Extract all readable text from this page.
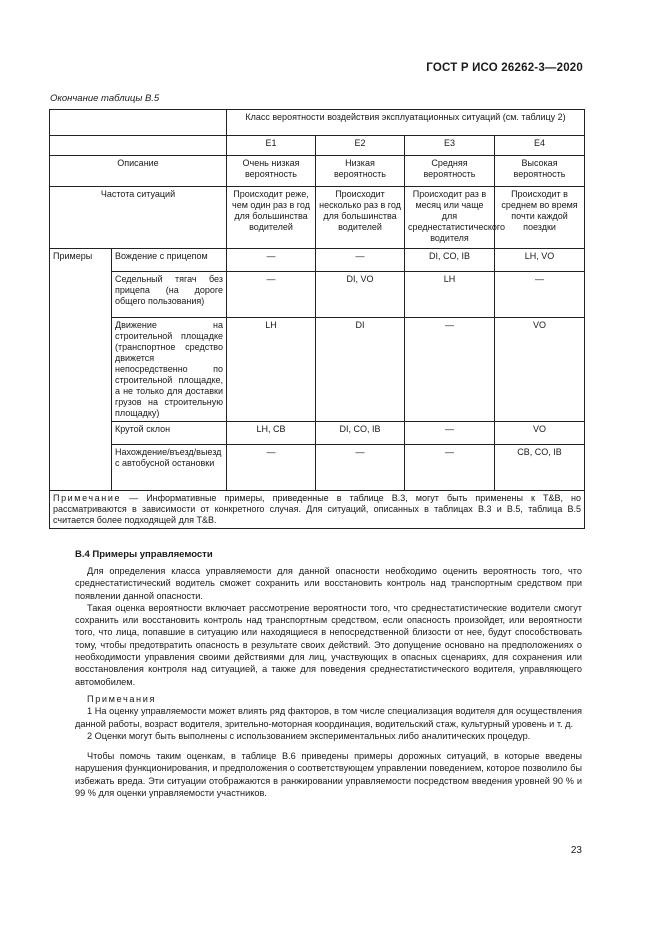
ГОСТ Р ИСО 26262-3—2020
Окончание таблицы В.5
		Класс вероятности воздействия эксплуатационных ситуаций (см. таблицу 2)			
		Е1	Е2	Е3	Е4
Описание		Очень низкая вероятность	Низкая вероятность	Средняя вероятность	Высокая вероятность
Частота ситуаций		Происходит реже, чем один раз в год для большинства водителей	Происходит несколько раз в год для большинства водителей	Происходит раз в месяц или чаще для среднестатистического водителя	Происходит в среднем во время почти каждой поездки
Примеры	Вождение с прицепом	—	—	DI, CO, IB	LH, VO
	Седельный тягач без прицепа (на дороге общего пользования)	—	DI, VO	LH	—
	Движение на строительной площадке (транспортное средство движется непосредственно по строительной площадке, а не только для доставки грузов на строительную площадку)	LH	DI	—	VO
	Крутой склон	LH, CB	DI, CO, IB	—	VO
	Нахождение/въезд/выезд с автобусной остановки	—	—	—	CB, CO, IB
Примечание — Информативные примеры, приведенные в таблице В.3, могут быть применены к T&B, но рассматриваются в зависимости от конкретного случая. Для ситуаций, описанных в таблицах В.3 и В.5, таблица В.5 считается более подходящей для T&B.					
В.4 Примеры управляемости

Для определения класса управляемости для данной опасности необходимо оценить вероятность того, что среднестатистический водитель сможет сохранить или восстановить контроль над транспортным средством при появлении данной опасности.

Такая оценка вероятности включает рассмотрение вероятности того, что среднестатистические водители смогут сохранить или восстановить контроль над транспортным средством, если опасность произойдет, или вероятности того, что лица, попавшие в ситуацию или находящиеся в непосредственной близости от нее, будут способствовать тому, чтобы предотвратить опасность в результате своих действий. Это допущение основано на предположениях о необходимости управления своими действиями для лиц, участвующих в опасных сценариях, для сохранения или восстановления контроля над ситуацией, а также для поведения среднестатистического водителя, управляющего автомобилем.

Примечания

1 На оценку управляемости может влиять ряд факторов, в том числе специализация водителя для осуществления данной работы, возраст водителя, зрительно-моторная координация, водительский стаж, культурный уровень и т. д.

2 Оценки могут быть выполнены с использованием экспериментальных либо аналитических процедур.

Чтобы помочь таким оценкам, в таблице В.6 приведены примеры дорожных ситуаций, в которые введены нарушения функционирования, и предположения о соответствующем управлении поведением, которое позволило бы избежать вреда. Эти ситуации отображаются в ранжировании управляемости посредством введения уровней 90 % и 99 % для оценки управляемости участников.

23
